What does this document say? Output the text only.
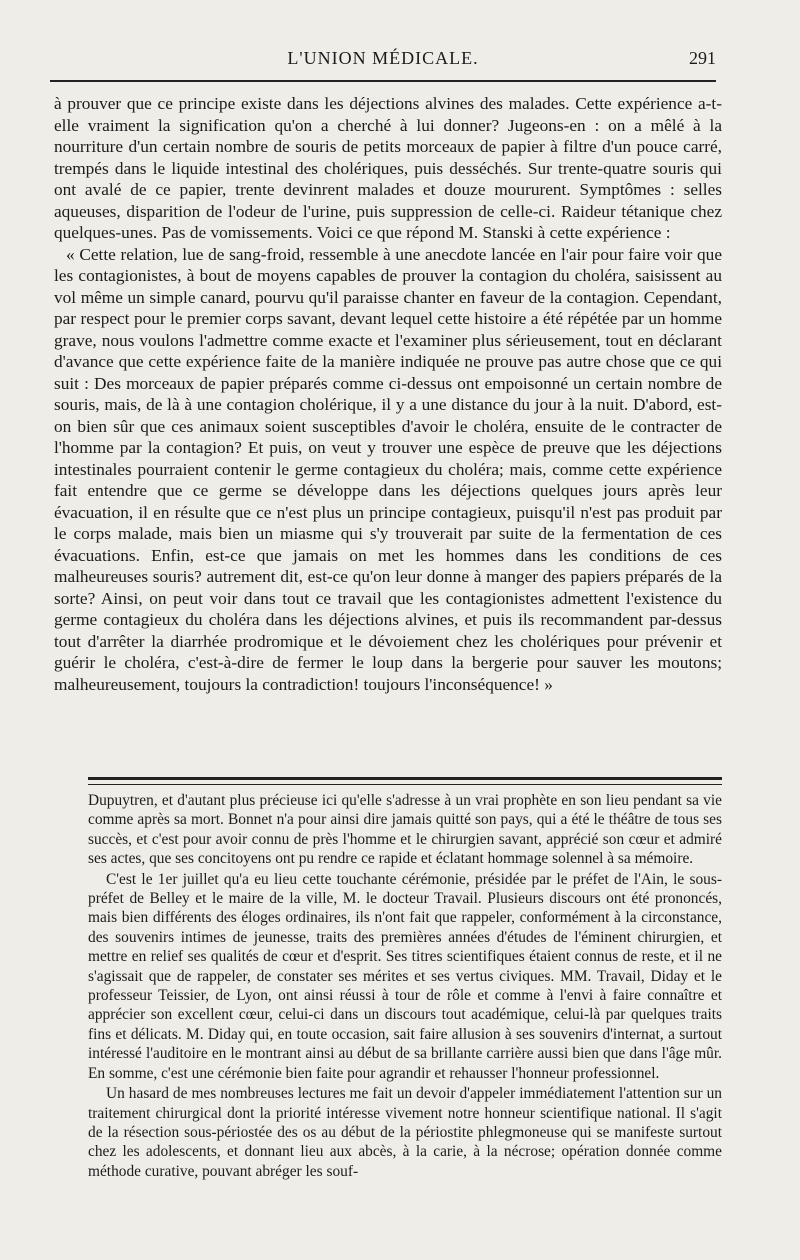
L'UNION MÉDICALE.	291

à prouver que ce principe existe dans les déjections alvines des malades. Cette expérience a-t-elle vraiment la signification qu'on a cherché à lui donner? Jugeons-en : on a mêlé à la nourriture d'un certain nombre de souris de petits morceaux de papier à filtre d'un pouce carré, trempés dans le liquide intestinal des cholériques, puis desséchés. Sur trente-quatre souris qui ont avalé de ce papier, trente devinrent malades et douze moururent. Symptômes : selles aqueuses, disparition de l'odeur de l'urine, puis suppression de celle-ci. Raideur tétanique chez quelques-unes. Pas de vomissements. Voici ce que répond M. Stanski à cette expérience :

« Cette relation, lue de sang-froid, ressemble à une anecdote lancée en l'air pour faire voir que les contagionistes, à bout de moyens capables de prouver la contagion du choléra, saisissent au vol même un simple canard, pourvu qu'il paraisse chanter en faveur de la contagion. Cependant, par respect pour le premier corps savant, devant lequel cette histoire a été répétée par un homme grave, nous voulons l'admettre comme exacte et l'examiner plus sérieusement, tout en déclarant d'avance que cette expérience faite de la manière indiquée ne prouve pas autre chose que ce qui suit : Des morceaux de papier préparés comme ci-dessus ont empoisonné un certain nombre de souris, mais, de là à une contagion cholérique, il y a une distance du jour à la nuit. D'abord, est-on bien sûr que ces animaux soient susceptibles d'avoir le choléra, ensuite de le contracter de l'homme par la contagion? Et puis, on veut y trouver une espèce de preuve que les déjections intestinales pourraient contenir le germe contagieux du choléra; mais, comme cette expérience fait entendre que ce germe se développe dans les déjections quelques jours après leur évacuation, il en résulte que ce n'est plus un principe contagieux, puisqu'il n'est pas produit par le corps malade, mais bien un miasme qui s'y trouverait par suite de la fermentation de ces évacuations. Enfin, est-ce que jamais on met les hommes dans les conditions de ces malheureuses souris? autrement dit, est-ce qu'on leur donne à manger des papiers préparés de la sorte? Ainsi, on peut voir dans tout ce travail que les contagionistes admettent l'existence du germe contagieux du choléra dans les déjections alvines, et puis ils recommandent par-dessus tout d'arrêter la diarrhée prodromique et le dévoiement chez les cholériques pour prévenir et guérir le choléra, c'est-à-dire de fermer le loup dans la bergerie pour sauver les moutons; malheureusement, toujours la contradiction! toujours l'inconséquence! »

Dupuytren, et d'autant plus précieuse ici qu'elle s'adresse à un vrai prophète en son lieu pendant sa vie comme après sa mort. Bonnet n'a pour ainsi dire jamais quitté son pays, qui a été le théâtre de tous ses succès, et c'est pour avoir connu de près l'homme et le chirurgien savant, apprécié son cœur et admiré ses actes, que ses concitoyens ont pu rendre ce rapide et éclatant hommage solennel à sa mémoire.

C'est le 1er juillet qu'a eu lieu cette touchante cérémonie, présidée par le préfet de l'Ain, le sous-préfet de Belley et le maire de la ville, M. le docteur Travail. Plusieurs discours ont été prononcés, mais bien différents des éloges ordinaires, ils n'ont fait que rappeler, conformément à la circonstance, des souvenirs intimes de jeunesse, traits des premières années d'études de l'éminent chirurgien, et mettre en relief ses qualités de cœur et d'esprit. Ses titres scientifiques étaient connus de reste, et il ne s'agissait que de rappeler, de constater ses mérites et ses vertus civiques. MM. Travail, Diday et le professeur Teissier, de Lyon, ont ainsi réussi à tour de rôle et comme à l'envi à faire connaître et apprécier son excellent cœur, celui-ci dans un discours tout académique, celui-là par quelques traits fins et délicats. M. Diday qui, en toute occasion, sait faire allusion à ses souvenirs d'internat, a surtout intéressé l'auditoire en le montrant ainsi au début de sa brillante carrière aussi bien que dans l'âge mûr. En somme, c'est une cérémonie bien faite pour agrandir et rehausser l'honneur professionnel.

Un hasard de mes nombreuses lectures me fait un devoir d'appeler immédiatement l'attention sur un traitement chirurgical dont la priorité intéresse vivement notre honneur scientifique national. Il s'agit de la résection sous-périostée des os au début de la périostite phlegmoneuse qui se manifeste surtout chez les adolescents, et donnant lieu aux abcès, à la carie, à la nécrose; opération donnée comme méthode curative, pouvant abréger les souf-
